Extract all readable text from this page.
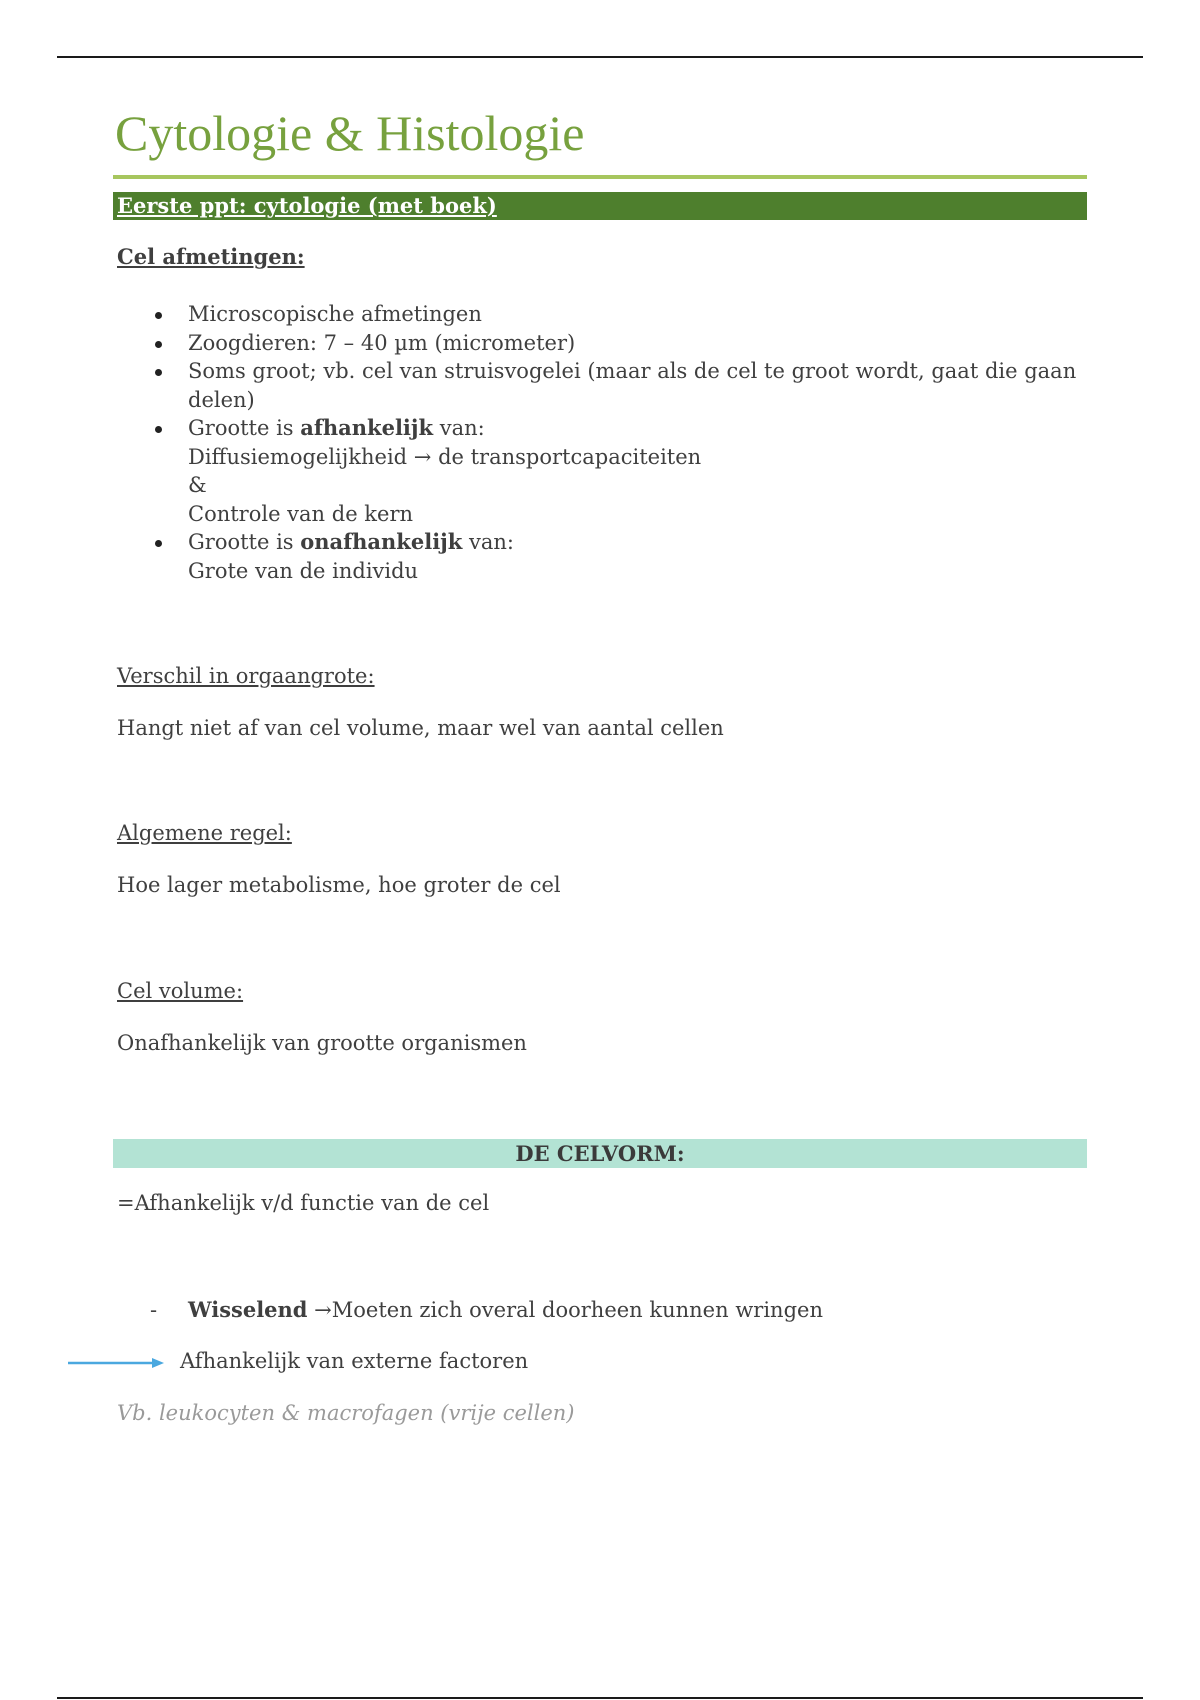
Cytologie & Histologie
Eerste ppt: cytologie (met boek)
Cel afmetingen:
Microscopische afmetingen
Zoogdieren: 7 – 40 µm (micrometer)
Soms groot; vb. cel van struisvogelei (maar als de cel te groot wordt, gaat die gaan
delen)
Grootte is afhankelijk van:
Diffusiemogelijkheid → de transportcapaciteiten
&
Controle van de kern
Grootte is onafhankelijk van:
Grote van de individu
Verschil in orgaangrote:
Hangt niet af van cel volume, maar wel van aantal cellen
Algemene regel:
Hoe lager metabolisme, hoe groter de cel
Cel volume:
Onafhankelijk van grootte organismen
DE CELVORM:
=Afhankelijk v/d functie van de cel
- Wisselend →Moeten zich overal doorheen kunnen wringen
Afhankelijk van externe factoren
Vb. leukocyten & macrofagen (vrije cellen)
